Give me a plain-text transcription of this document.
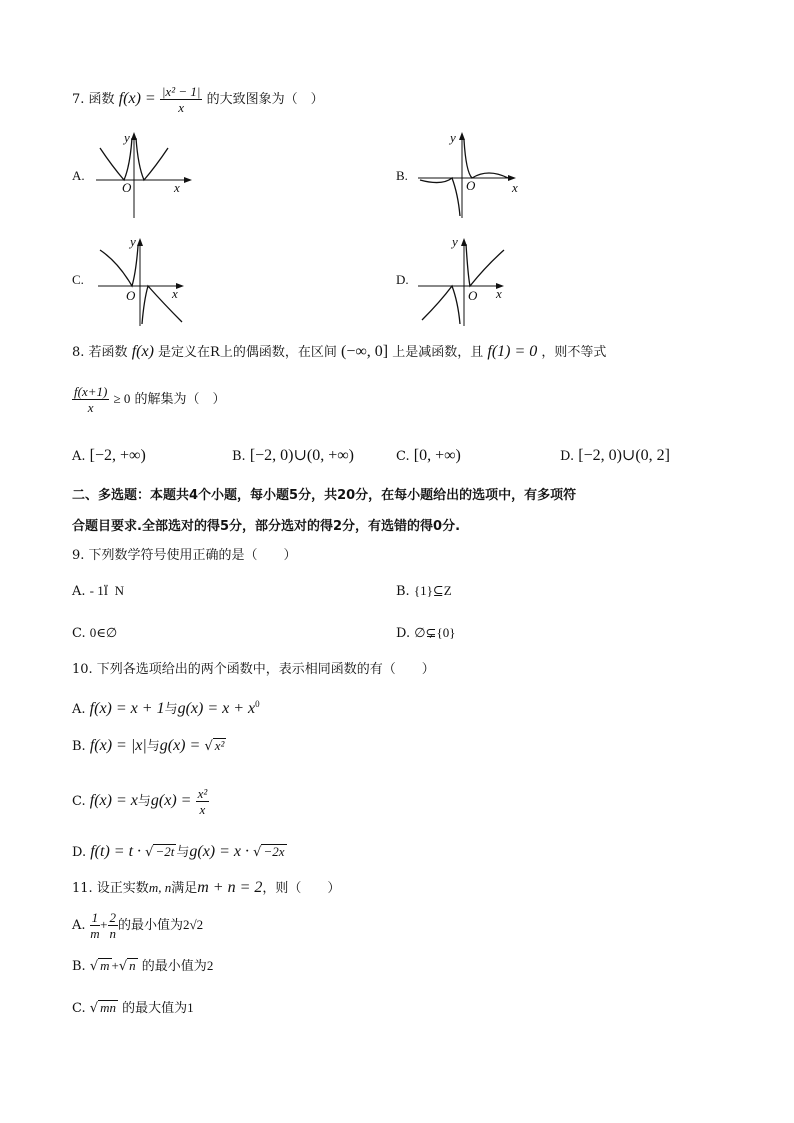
7. 函数 $f(x) = \frac{\text{|x² − 1|}}{x}$ 的大致图象为（　）
A.	B.
C.	D.
y
O	x
y
O	x
y
O	x
y
O x
8. 若函数 f(x) 是定义在R上的偶函数，在区间 (−∞, 0] 上是减函数，且 f(1) = 0 ，则不等式
$\frac{f(x+1)}{x} \ge 0$ 的解集为（　）
A. [−2, +∞)	B. [−2, 0)∪(0, +∞)	C. [0, +∞)	D. [−2, 0)∪(0, 2]
二、多选题：本题共4个小题，每小题5分，共20分，在每小题给出的选项中，有多项符
合题目要求.全部选对的得5分，部分选对的得2分，有选错的得0分.
9. 下列数学符号使用正确的是（　　）
A. - 1Ï  N	B. {1}⊆Z
C. 0∈∅	D. ∅⊊{0}
10. 下列各选项给出的两个函数中，表示相同函数的有（　　）
A. f(x) = x + 1与$g(x) = x + x^0$
B. f(x) = |x|与g(x) = √ x²
C. f(x) = x与$g(x) = \frac{\text{x²}}{x}$
D. f(t) = t · √ −2t 与g(x) = x · √ −2x
11. 设正实数m, n满足m + n = 2，则（　　）
A. $\frac{1}{m} + \frac{2}{n}$ 的最小值为2√2
B. √ m +√ n 的最小值为2
C. √ mn 的最大值为1
